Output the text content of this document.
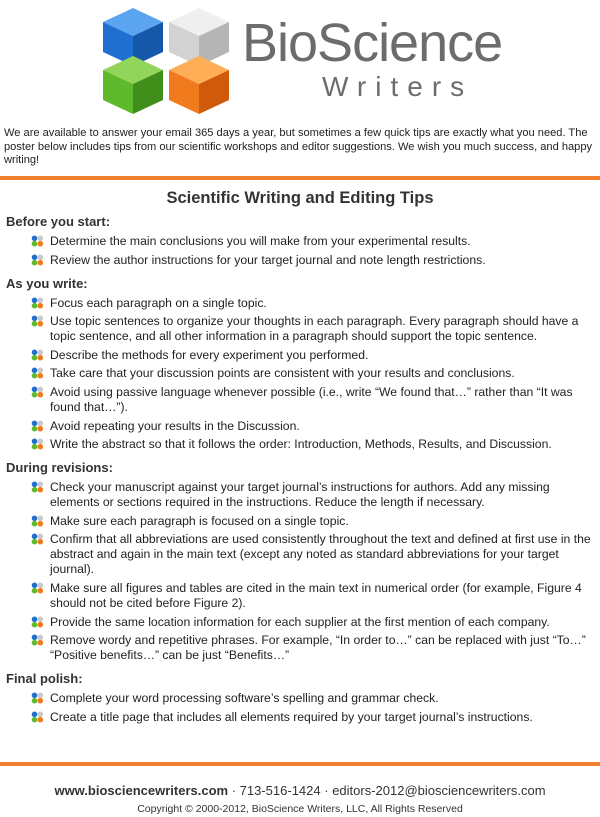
BioScience
Writers
We are available to answer your email 365 days a year, but sometimes a few quick tips are exactly what you need. The poster below includes tips from our scientific workshops and editor suggestions. We wish you much success, and happy writing!
Scientific Writing and Editing Tips
Before you start:
Determine the main conclusions you will make from your experimental results.
Review the author instructions for your target journal and note length restrictions.
As you write:
Focus each paragraph on a single topic.
Use topic sentences to organize your thoughts in each paragraph. Every paragraph should have a topic sentence, and all other information in a paragraph should support the topic sentence.
Describe the methods for every experiment you performed.
Take care that your discussion points are consistent with your results and conclusions.
Avoid using passive language whenever possible (i.e., write “We found that…” rather than “It was found that…”).
Avoid repeating your results in the Discussion.
Write the abstract so that it follows the order: Introduction, Methods, Results, and Discussion.
During revisions:
Check your manuscript against your target journal’s instructions for authors. Add any missing elements or sections required in the instructions. Reduce the length if necessary.
Make sure each paragraph is focused on a single topic.
Confirm that all abbreviations are used consistently throughout the text and defined at first use in the abstract and again in the main text (except any noted as standard abbreviations for your target journal).
Make sure all figures and tables are cited in the main text in numerical order (for example, Figure 4 should not be cited before Figure 2).
Provide the same location information for each supplier at the first mention of each company.
Remove wordy and repetitive phrases. For example, “In order to…” can be replaced with just “To…” “Positive benefits…” can be just “Benefits…”
Final polish:
Complete your word processing software’s spelling and grammar check.
Create a title page that includes all elements required by your target journal’s instructions.
www.biosciencewriters.com · 713-516-1424 · editors-2012@biosciencewriters.com
Copyright © 2000-2012, BioScience Writers, LLC, All Rights Reserved
